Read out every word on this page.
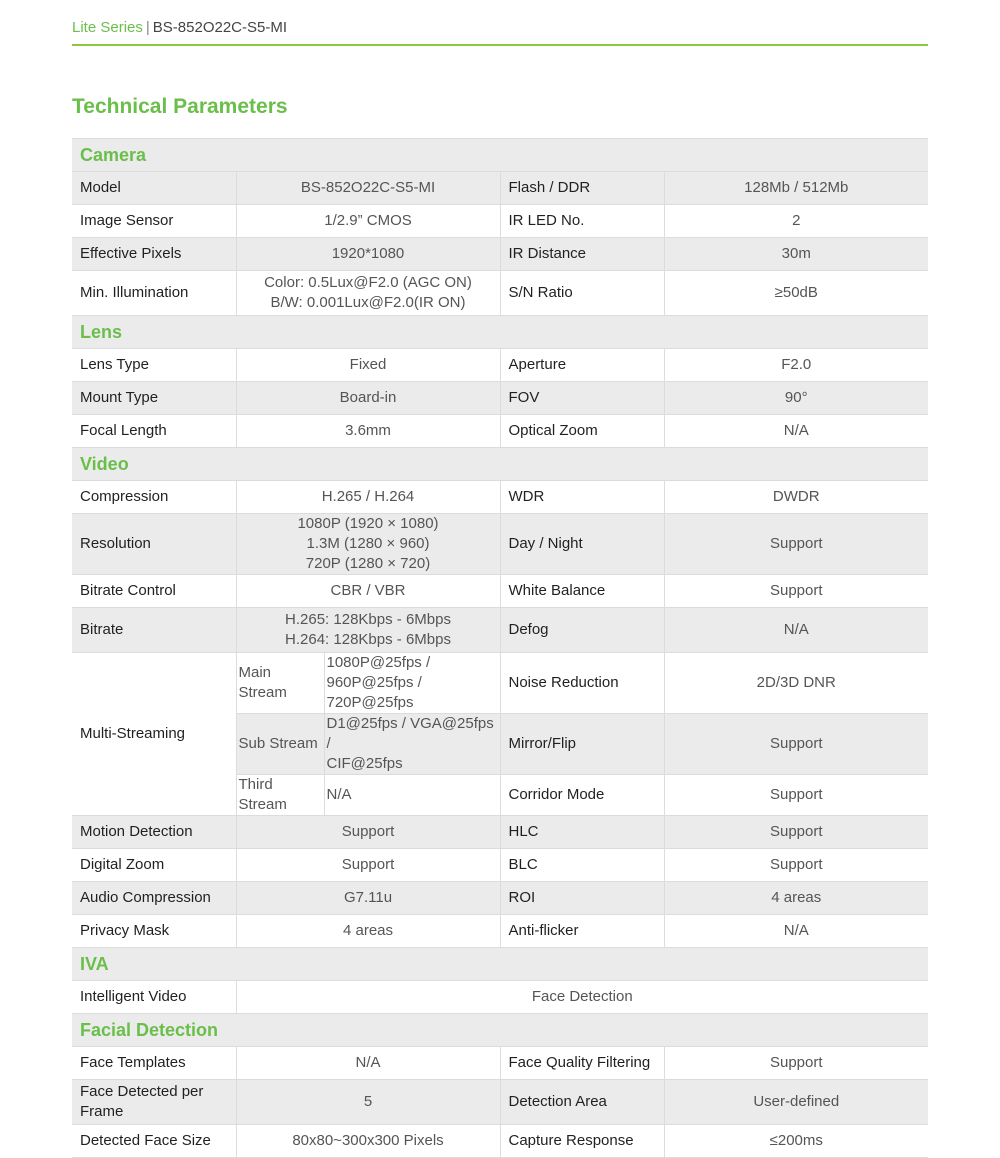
Lite Series | BS-852O22C-S5-MI
Technical Parameters
Camera				
Model	BS-852O22C-S5-MI		Flash / DDR	128Mb / 512Mb
Image Sensor	1/2.9” CMOS		IR LED No.	2
Effective Pixels	1920*1080		IR Distance	30m
Min. Illumination	Color: 0.5Lux@F2.0 (AGC ON)
B/W: 0.001Lux@F2.0(IR ON)		S/N Ratio	≥50dB
Lens				
Lens Type	Fixed		Aperture	F2.0
Mount Type	Board-in		FOV	90°
Focal Length	3.6mm		Optical Zoom	N/A
Video				
Compression	H.265 / H.264		WDR	DWDR
Resolution	1080P (1920 × 1080)
1.3M (1280 × 960)
720P (1280 × 720)		Day / Night	Support
Bitrate Control	CBR / VBR		White Balance	Support
Bitrate	H.265: 128Kbps - 6Mbps
H.264: 128Kbps - 6Mbps		Defog	N/A
Multi-Streaming	Main Stream	1080P@25fps /
960P@25fps / 720P@25fps	Noise Reduction	2D/3D DNR
	Sub Stream	D1@25fps / VGA@25fps /
CIF@25fps	Mirror/Flip	Support
	Third Stream	N/A	Corridor Mode	Support
Motion Detection	Support		HLC	Support
Digital Zoom	Support		BLC	Support
Audio Compression	G7.11u		ROI	4 areas
Privacy Mask	4 areas		Anti-flicker	N/A
IVA				
Intelligent Video	Face Detection			
Facial Detection				
Face Templates	N/A		Face Quality Filtering	Support

Face Detected per
Frame	5		Detection Area	User-defined
Detected Face Size	80x80~300x300 Pixels		Capture Response	≤200ms
